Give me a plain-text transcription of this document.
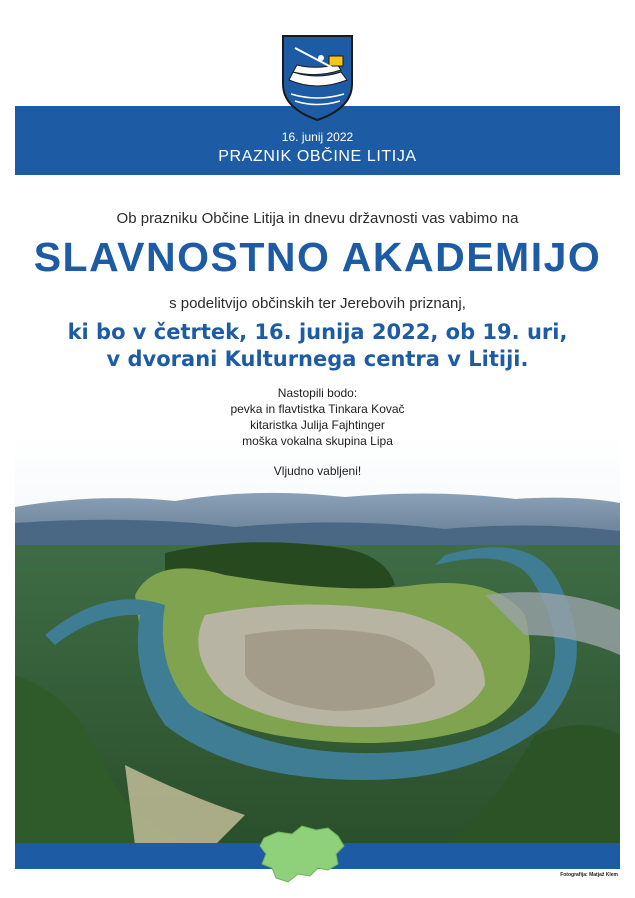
16. junij 2022
PRAZNIK OBČINE LITIJA
Ob prazniku Občine Litija in dnevu državnosti vas vabimo na
SLAVNOSTNO AKADEMIJO
s podelitvijo občinskih ter Jerebovih priznanj,
ki bo v četrtek, 16. junija 2022, ob 19. uri,
v dvorani Kulturnega centra v Litiji.
Nastopili bodo:
pevka in flavtistka Tinkara Kovač
kitaristka Julija Fajhtinger
moška vokalna skupina Lipa
Vljudno vabljeni!
Fotografija: Matjaž Klem
